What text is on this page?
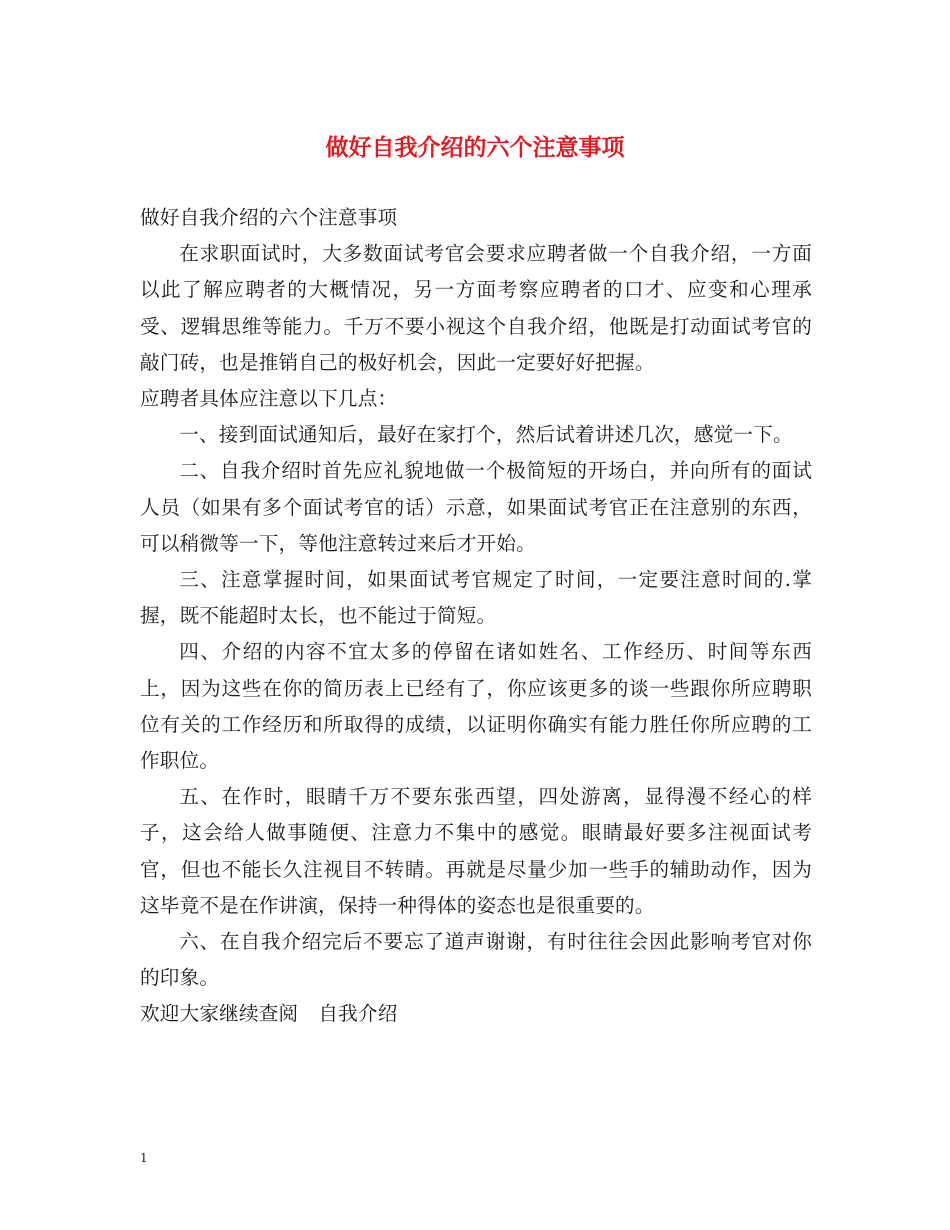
做好自我介绍的六个注意事项

做好自我介绍的六个注意事项

在求职面试时，大多数面试考官会要求应聘者做一个自我介绍，一方面以此了解应聘者的大概情况，另一方面考察应聘者的口才、应变和心理承受、逻辑思维等能力。千万不要小视这个自我介绍，他既是打动面试考官的敲门砖，也是推销自己的极好机会，因此一定要好好把握。
应聘者具体应注意以下几点：

一、接到面试通知后，最好在家打个，然后试着讲述几次，感觉一下。

二、自我介绍时首先应礼貌地做一个极简短的开场白，并向所有的面试人员（如果有多个面试考官的话）示意，如果面试考官正在注意别的东西，可以稍微等一下，等他注意转过来后才开始。

三、注意掌握时间，如果面试考官规定了时间，一定要注意时间的.掌握，既不能超时太长，也不能过于简短。

四、介绍的内容不宜太多的停留在诸如姓名、工作经历、时间等东西上，因为这些在你的简历表上已经有了，你应该更多的谈一些跟你所应聘职位有关的工作经历和所取得的成绩，以证明你确实有能力胜任你所应聘的工作职位。

五、在作时，眼睛千万不要东张西望，四处游离，显得漫不经心的样子，这会给人做事随便、注意力不集中的感觉。眼睛最好要多注视面试考官，但也不能长久注视目不转睛。再就是尽量少加一些手的辅助动作，因为这毕竟不是在作讲演，保持一种得体的姿态也是很重要的。

六、在自我介绍完后不要忘了道声谢谢，有时往往会因此影响考官对你的印象。

欢迎大家继续查阅 自我介绍

1
